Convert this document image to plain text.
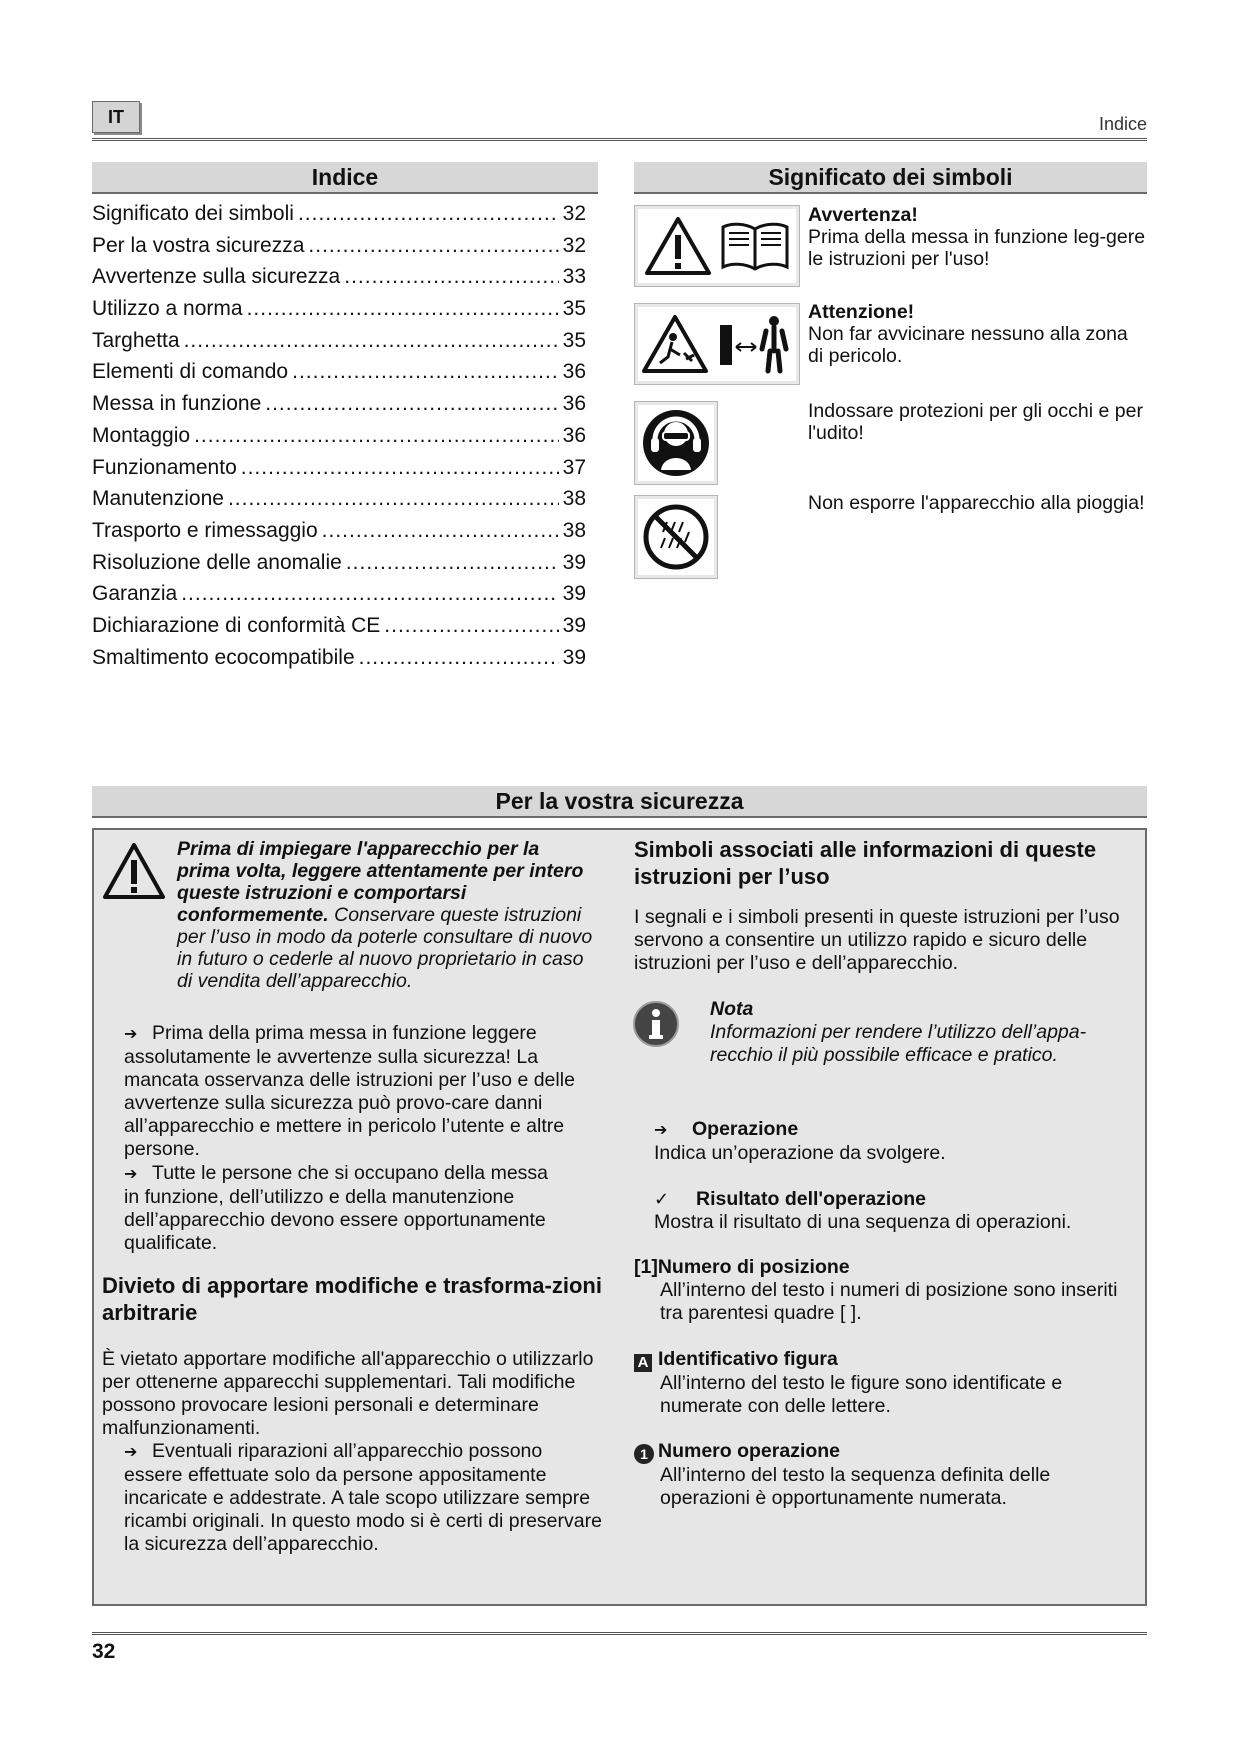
IT	Indice
Indice
Significato dei simboli .....	32
Per la vostra sicurezza .....	32
Avvertenze sulla sicurezza .....	33
Utilizzo a norma .....	35
Targhetta .....	35
Elementi di comando .....	36
Messa in funzione .....	36
Montaggio .....	36
Funzionamento .....	37
Manutenzione .....	38
Trasporto e rimessaggio .....	38
Risoluzione delle anomalie .....	39
Garanzia .....	39
Dichiarazione di conformità CE .....	39
Smaltimento ecocompatibile .....	39
Significato dei simboli
Avvertenza!
Prima della messa in funzione leg-gere le istruzioni per l'uso!
Attenzione!
Non far avvicinare nessuno alla zona di pericolo.
Indossare protezioni per gli occhi e per l'udito!
Non esporre l'apparecchio alla pioggia!
Per la vostra sicurezza
Prima di impiegare l'apparecchio per la prima volta, leggere attentamente per intero queste istruzioni e comportarsi conformemente. Conservare queste istruzioni per l’uso in modo da poterle consultare di nuovo in futuro o cederle al nuovo proprietario in caso di vendita dell’apparecchio.
➔ Prima della prima messa in funzione leggere
assolutamente le avvertenze sulla sicurezza! La mancata osservanza delle istruzioni per l’uso e delle avvertenze sulla sicurezza può provo-care danni all’apparecchio e mettere in pericolo l’utente e altre persone.
➔ Tutte le persone che si occupano della messa
in funzione, dell’utilizzo e della manutenzione dell’apparecchio devono essere opportunamente qualificate.
Divieto di apportare modifiche e trasforma-zioni arbitrarie
È vietato apportare modifiche all'apparecchio o utilizzarlo per ottenerne apparecchi supplementari. Tali modifiche possono provocare lesioni personali e determinare malfunzionamenti.
➔ Eventuali riparazioni all’apparecchio possono
essere effettuate solo da persone appositamente incaricate e addestrate. A tale scopo utilizzare sempre ricambi originali. In questo modo si è certi di preservare la sicurezza dell’apparecchio.
Simboli associati alle informazioni di queste istruzioni per l’uso
I segnali e i simboli presenti in queste istruzioni per l’uso servono a consentire un utilizzo rapido e sicuro delle istruzioni per l’uso e dell’apparecchio.
Nota
Informazioni per rendere l’utilizzo dell’appa-recchio il più possibile efficace e pratico.
➔ Operazione
Indica un’operazione da svolgere.
✓ Risultato dell'operazione
Mostra il risultato di una sequenza di operazioni.
[1]Numero di posizione
All’interno del testo i numeri di posizione sono inseriti tra parentesi quadre [ ].
A Identificativo figura
All’interno del testo le figure sono identificate e numerate con delle lettere.
1 Numero operazione
All’interno del testo la sequenza definita delle operazioni è opportunamente numerata.
32
